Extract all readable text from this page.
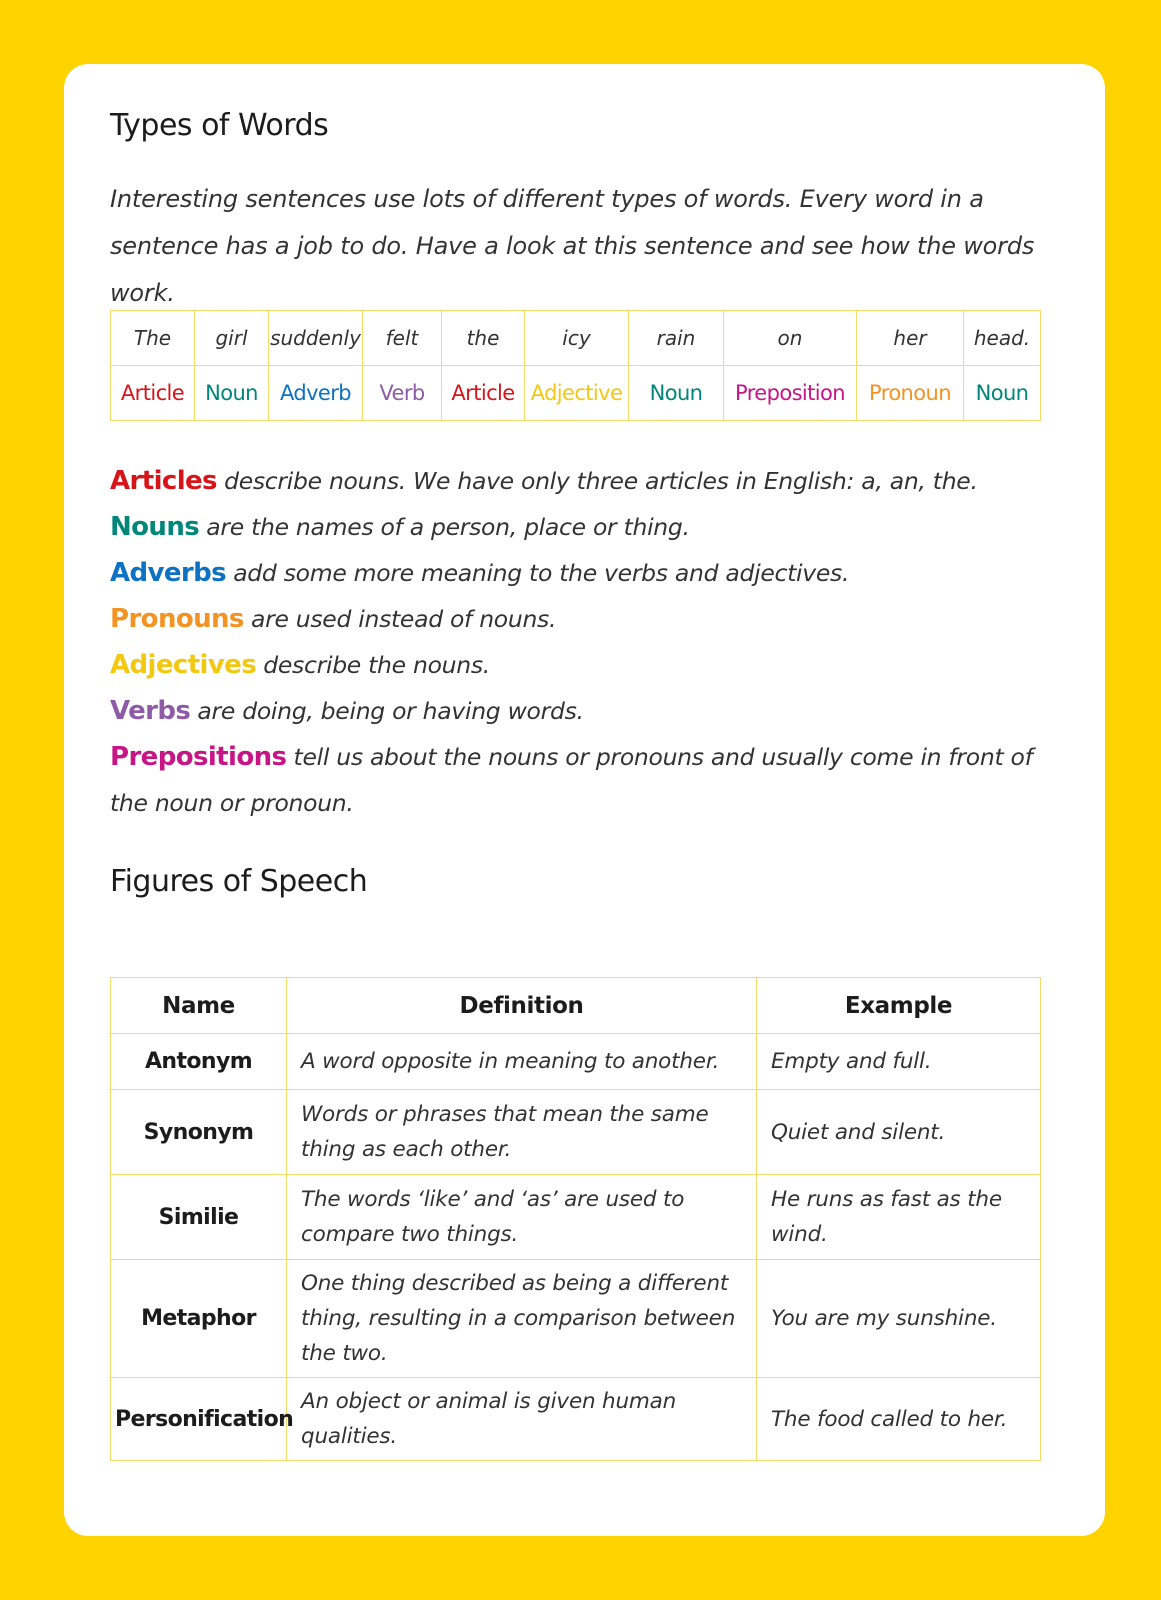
Types of Words

Interesting sentences use lots of different types of words. Every word in a sentence has a job to do. Have a look at this sentence and see how the words work.

The	girl	suddenly	felt	the	icy	rain	on	her	head.
Article	Noun	Adverb	Verb	Article	Adjective	Noun	Preposition	Pronoun	Noun
Articles describe nouns. We have only three articles in English: a, an, the.
Nouns are the names of a person, place or thing.
Adverbs add some more meaning to the verbs and adjectives.
Pronouns are used instead of nouns.
Adjectives describe the nouns.
Verbs are doing, being or having words.
Prepositions tell us about the nouns or pronouns and usually come in front of the noun or pronoun.
Figures of Speech
Name	Definition	Example
Antonym	A word opposite in meaning to another.	Empty and full.
Synonym	Words or phrases that mean the same thing as each other.	Quiet and silent.
Similie	The words ‘like’ and ‘as’ are used to compare two things.	He runs as fast as the wind.
Metaphor	One thing described as being a different thing, resulting in a comparison between the two.	You are my sunshine.
Personification	An object or animal is given human qualities.	The food called to her.
